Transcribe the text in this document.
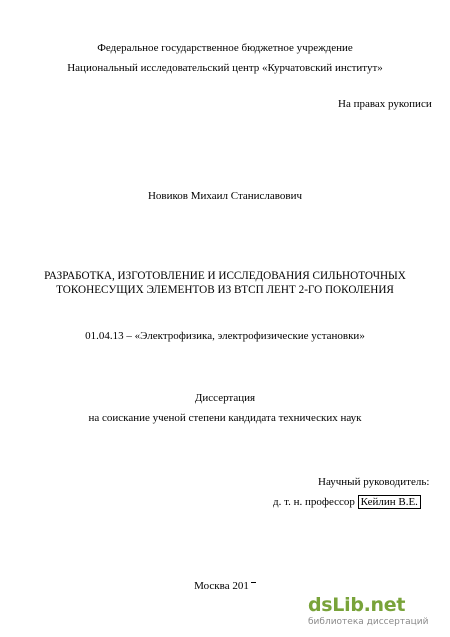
Федеральное государственное бюджетное учреждение
Национальный исследовательский центр «Курчатовский институт»
На правах рукописи
Новиков Михаил Станиславович
РАЗРАБОТКА, ИЗГОТОВЛЕНИЕ И ИССЛЕДОВАНИЯ СИЛЬНОТОЧНЫХ
ТОКОНЕСУЩИХ ЭЛЕМЕНТОВ ИЗ ВТСП ЛЕНТ 2-ГО ПОКОЛЕНИЯ
01.04.13 – «Электрофизика, электрофизические установки»
Диссертация
на соискание ученой степени кандидата технических наук
Научный руководитель:
д. т. н. профессор Кейлин В.Е.
Москва 201
dsLib.net
библиотека диссертаций
